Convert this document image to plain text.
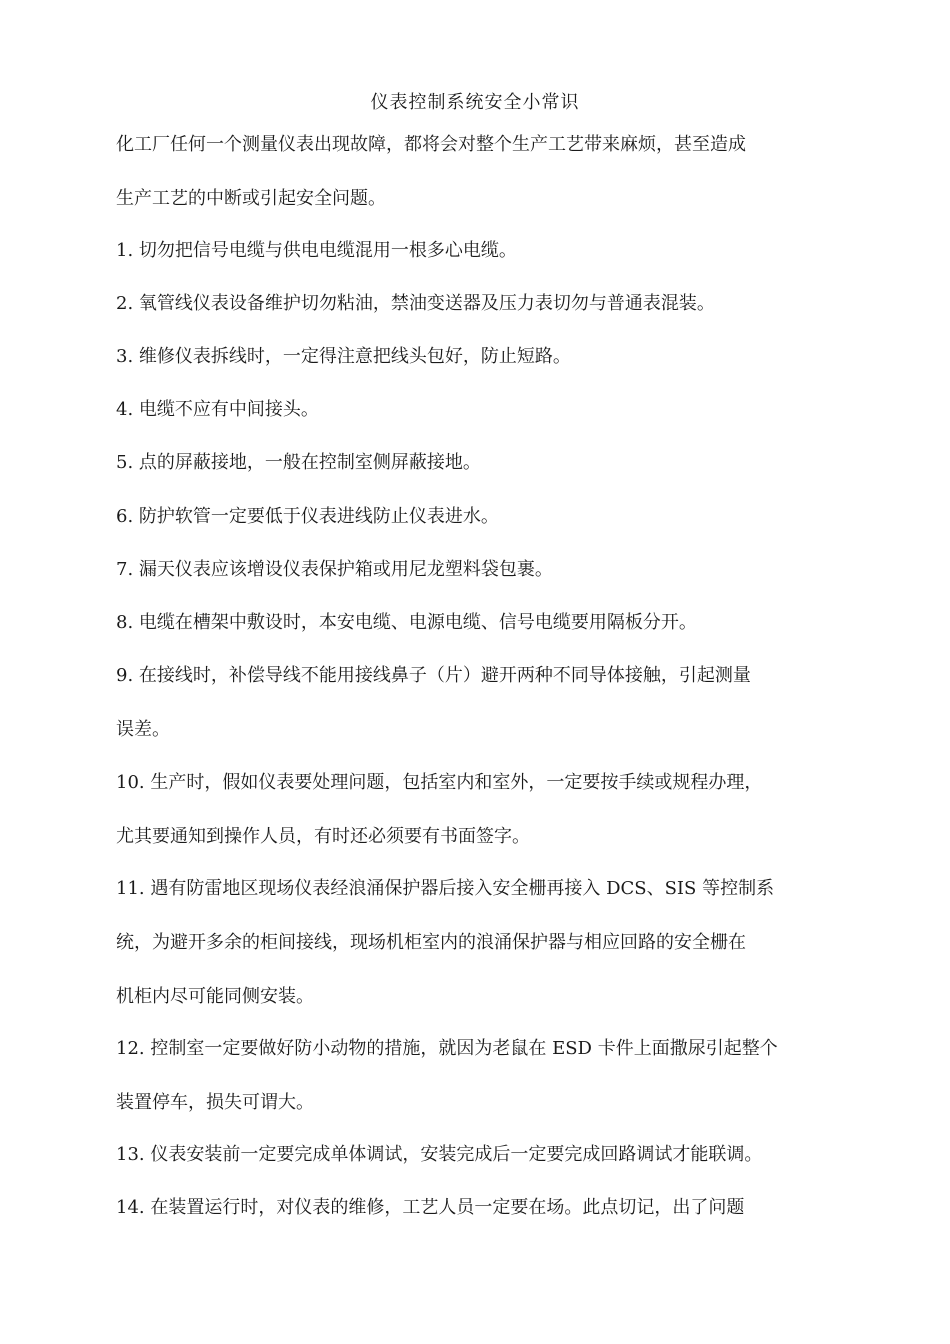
仪表控制系统安全小常识
化工厂任何一个测量仪表出现故障，都将会对整个生产工艺带来麻烦，甚至造成
生产工艺的中断或引起安全问题。
1. 切勿把信号电缆与供电电缆混用一根多心电缆。
2. 氧管线仪表设备维护切勿粘油，禁油变送器及压力表切勿与普通表混装。
3. 维修仪表拆线时，一定得注意把线头包好，防止短路。
4. 电缆不应有中间接头。
5. 点的屏蔽接地，一般在控制室侧屏蔽接地。
6. 防护软管一定要低于仪表进线防止仪表进水。
7. 漏天仪表应该增设仪表保护箱或用尼龙塑料袋包裹。
8. 电缆在槽架中敷设时，本安电缆、电源电缆、信号电缆要用隔板分开。
9. 在接线时，补偿导线不能用接线鼻子（片）避开两种不同导体接触，引起测量
误差。
10. 生产时，假如仪表要处理问题，包括室内和室外，一定要按手续或规程办理，
尤其要通知到操作人员，有时还必须要有书面签字。
11. 遇有防雷地区现场仪表经浪涌保护器后接入安全栅再接入 DCS、SIS 等控制系
统，为避开多余的柜间接线，现场机柜室内的浪涌保护器与相应回路的安全栅在
机柜内尽可能同侧安装。
12. 控制室一定要做好防小动物的措施，就因为老鼠在 ESD 卡件上面撒尿引起整个
装置停车，损失可谓大。
13. 仪表安装前一定要完成单体调试，安装完成后一定要完成回路调试才能联调。
14. 在装置运行时，对仪表的维修，工艺人员一定要在场。此点切记，出了问题
